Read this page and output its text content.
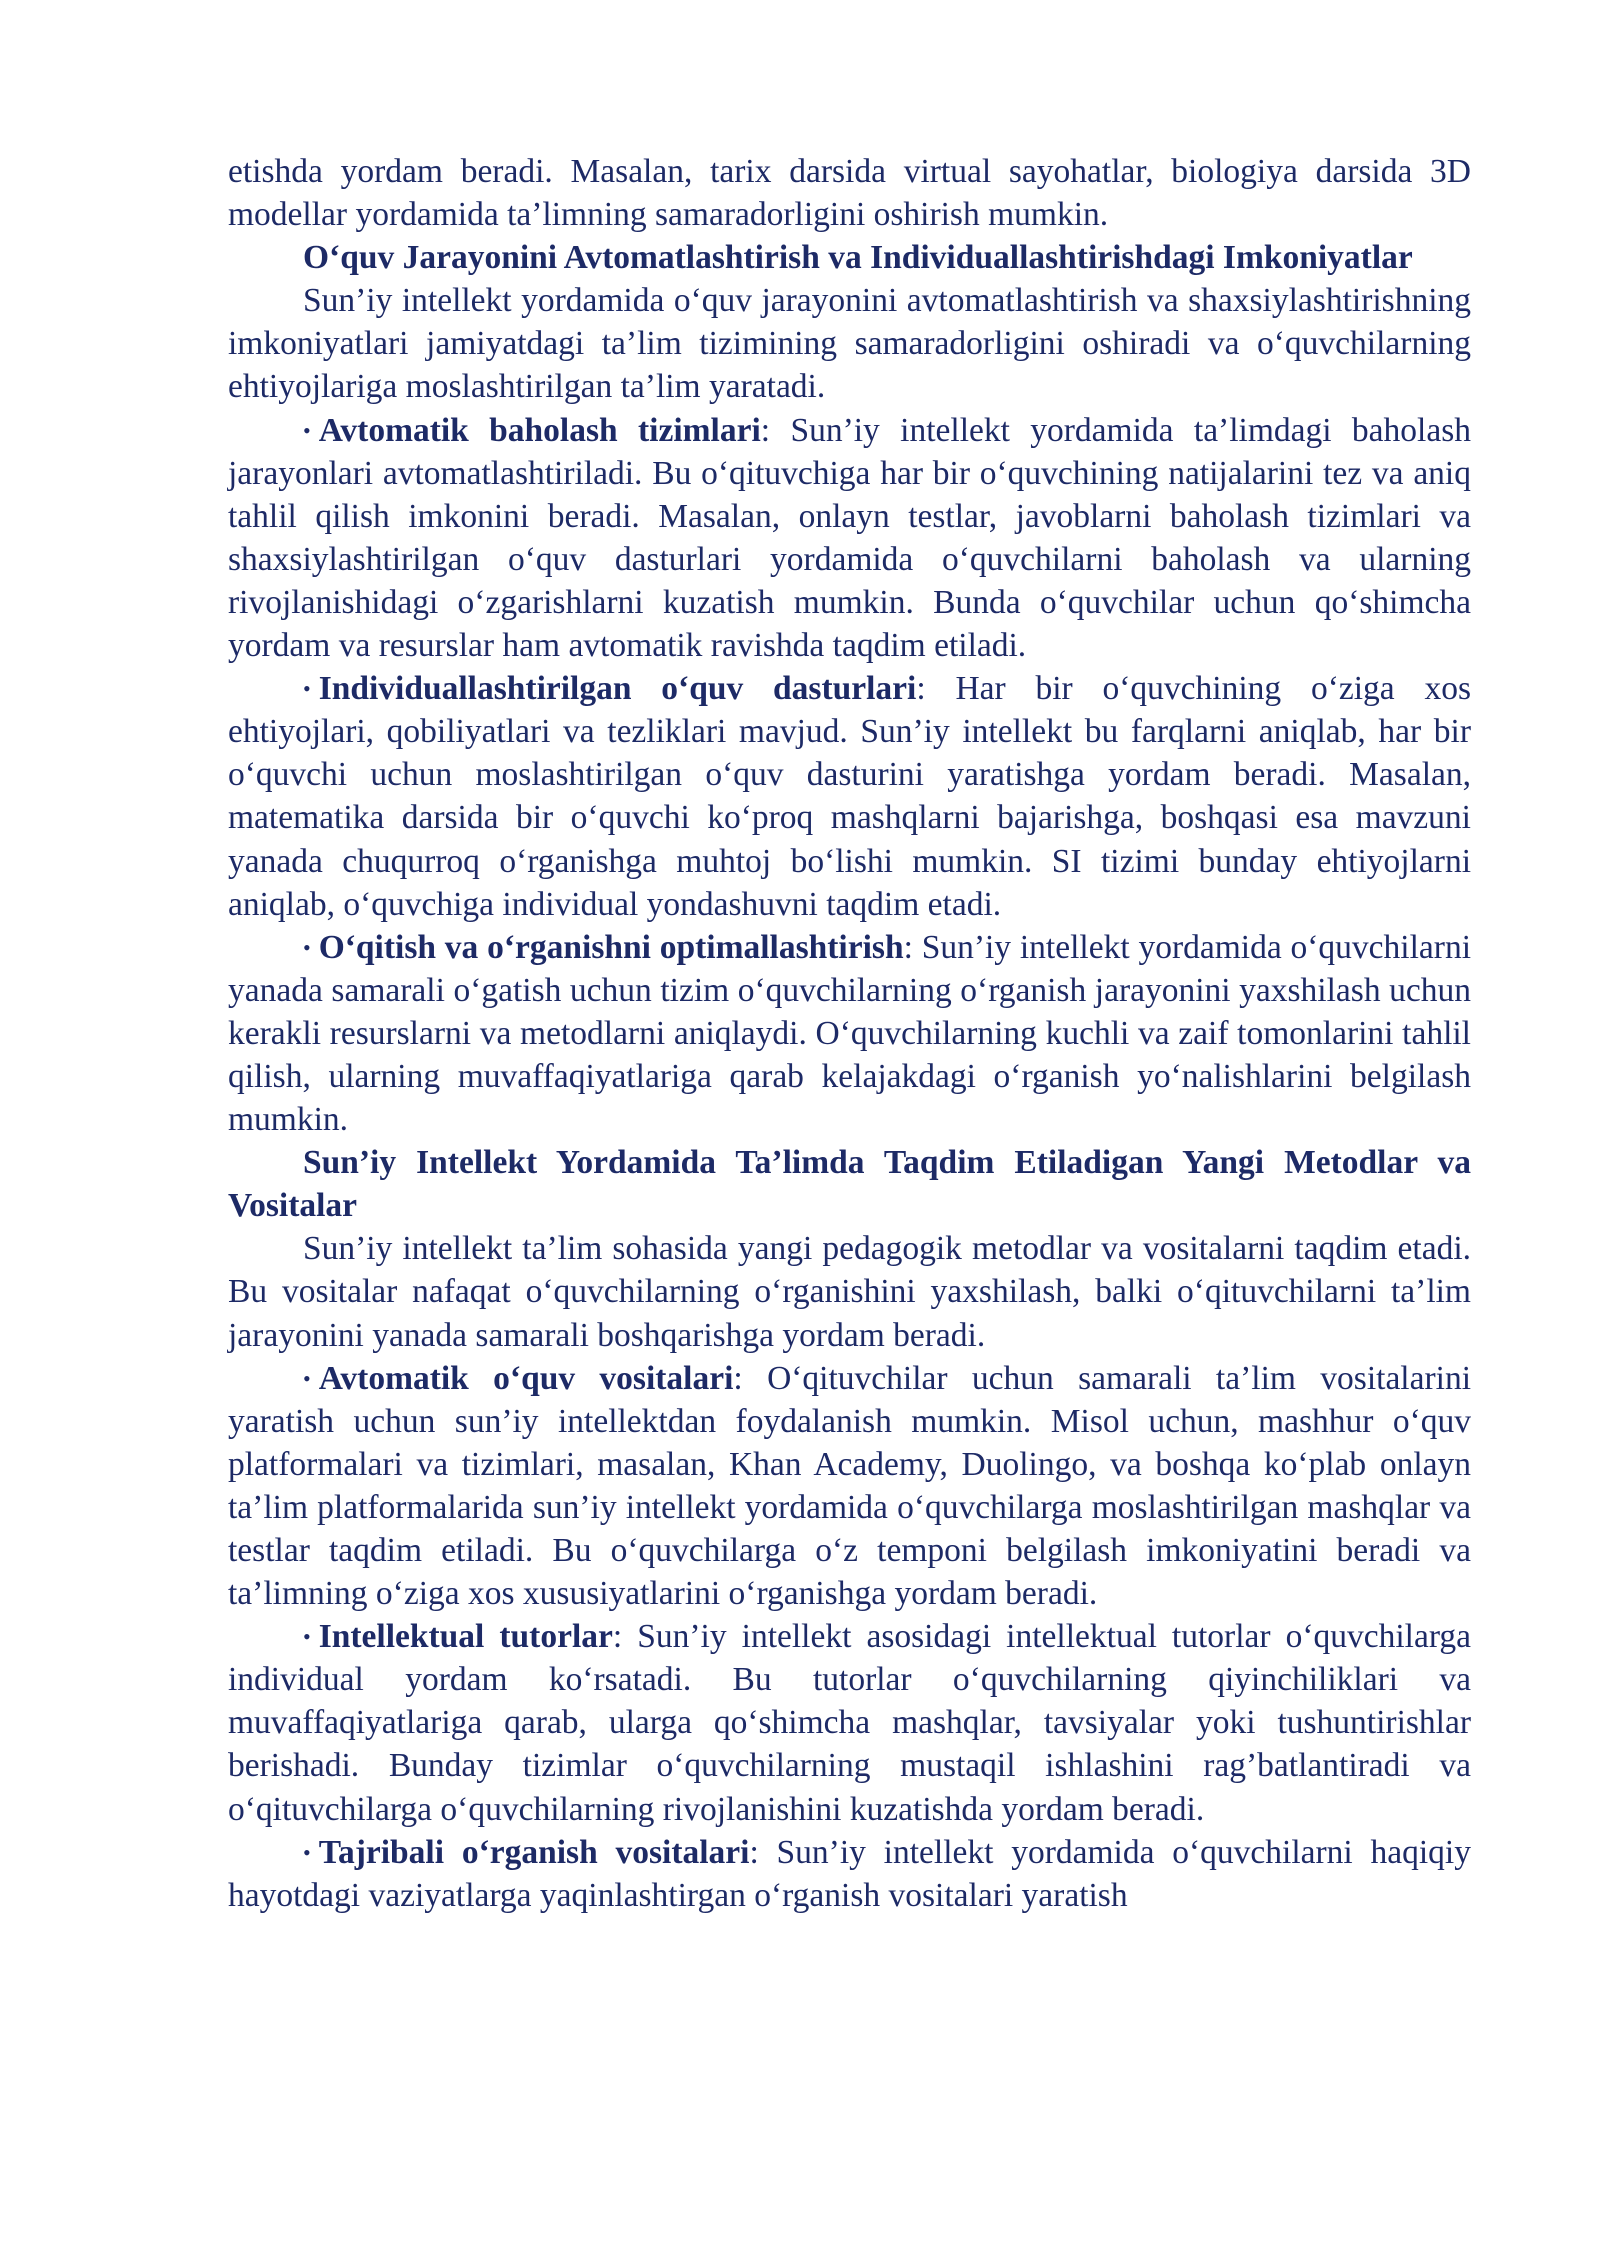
etishda yordam beradi. Masalan, tarix darsida virtual sayohatlar, biologiya darsida 3D modellar yordamida ta’limning samaradorligini oshirish mumkin.

O‘quv Jarayonini Avtomatlashtirish va Individuallashtirishdagi Imkoniyatlar

Sun’iy intellekt yordamida o‘quv jarayonini avtomatlashtirish va shaxsiylashtirishning imkoniyatlari jamiyatdagi ta’lim tizimining samaradorligini oshiradi va o‘quvchilarning ehtiyojlariga moslashtirilgan ta’lim yaratadi.

• Avtomatik baholash tizimlari: Sun’iy intellekt yordamida ta’limdagi baholash jarayonlari avtomatlashtiriladi. Bu o‘qituvchiga har bir o‘quvchining natijalarini tez va aniq tahlil qilish imkonini beradi. Masalan, onlayn testlar, javoblarni baholash tizimlari va shaxsiylashtirilgan o‘quv dasturlari yordamida o‘quvchilarni baholash va ularning rivojlanishidagi o‘zgarishlarni kuzatish mumkin. Bunda o‘quvchilar uchun qo‘shimcha yordam va resurslar ham avtomatik ravishda taqdim etiladi.

• Individuallashtirilgan o‘quv dasturlari: Har bir o‘quvchining o‘ziga xos ehtiyojlari, qobiliyatlari va tezliklari mavjud. Sun’iy intellekt bu farqlarni aniqlab, har bir o‘quvchi uchun moslashtirilgan o‘quv dasturini yaratishga yordam beradi. Masalan, matematika darsida bir o‘quvchi ko‘proq mashqlarni bajarishga, boshqasi esa mavzuni yanada chuqurroq o‘rganishga muhtoj bo‘lishi mumkin. SI tizimi bunday ehtiyojlarni aniqlab, o‘quvchiga individual yondashuvni taqdim etadi.

• O‘qitish va o‘rganishni optimallashtirish: Sun’iy intellekt yordamida o‘quvchilarni yanada samarali o‘gatish uchun tizim o‘quvchilarning o‘rganish jarayonini yaxshilash uchun kerakli resurslarni va metodlarni aniqlaydi. O‘quvchilarning kuchli va zaif tomonlarini tahlil qilish, ularning muvaffaqiyatlariga qarab kelajakdagi o‘rganish yo‘nalishlarini belgilash mumkin.

Sun’iy Intellekt Yordamida Ta’limda Taqdim Etiladigan Yangi Metodlar va Vositalar

Sun’iy intellekt ta’lim sohasida yangi pedagogik metodlar va vositalarni taqdim etadi. Bu vositalar nafaqat o‘quvchilarning o‘rganishini yaxshilash, balki o‘qituvchilarni ta’lim jarayonini yanada samarali boshqarishga yordam beradi.

• Avtomatik o‘quv vositalari: O‘qituvchilar uchun samarali ta’lim vositalarini yaratish uchun sun’iy intellektdan foydalanish mumkin. Misol uchun, mashhur o‘quv platformalari va tizimlari, masalan, Khan Academy, Duolingo, va boshqa ko‘plab onlayn ta’lim platformalarida sun’iy intellekt yordamida o‘quvchilarga moslashtirilgan mashqlar va testlar taqdim etiladi. Bu o‘quvchilarga o‘z temponi belgilash imkoniyatini beradi va ta’limning o‘ziga xos xususiyatlarini o‘rganishga yordam beradi.

• Intellektual tutorlar: Sun’iy intellekt asosidagi intellektual tutorlar o‘quvchilarga individual yordam ko‘rsatadi. Bu tutorlar o‘quvchilarning qiyinchiliklari va muvaffaqiyatlariga qarab, ularga qo‘shimcha mashqlar, tavsiyalar yoki tushuntirishlar berishadi. Bunday tizimlar o‘quvchilarning mustaqil ishlashini rag’batlantiradi va o‘qituvchilarga o‘quvchilarning rivojlanishini kuzatishda yordam beradi.

• Tajribali o‘rganish vositalari: Sun’iy intellekt yordamida o‘quvchilarni haqiqiy hayotdagi vaziyatlarga yaqinlashtirgan o‘rganish vositalari yaratish
